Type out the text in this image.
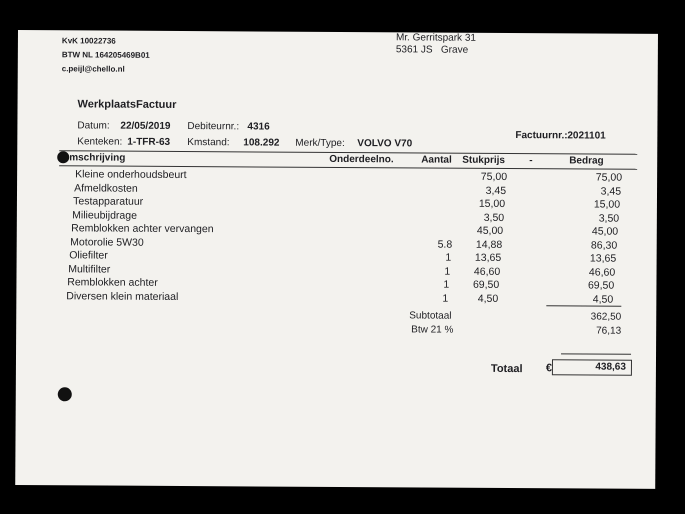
KvK 10022736
BTW NL 164205469B01
c.peijl@chello.nl
Mr. Gerritspark 31
5361 JS   Grave
WerkplaatsFactuur
Datum: 22/05/2019 Debiteurnr.: 4316
Kenteken: 1-TFR-63 Kmstand: 108.292 Merk/Type: VOLVO V70
Factuurnr.: 2021101
mschrijving	Onderdeelno.	Aantal Stukprijs -	Bedrag
Kleine onderhoudsbeurt	75,00	75,00
Afmeldkosten	3,45	3,45
Testapparatuur	15,00	15,00
Milieubijdrage	3,50	3,50
Remblokken achter vervangen	45,00	45,00
Motorolie 5W30	5.8	14,88	86,30
Oliefilter	1	13,65	13,65
Multifilter	1	46,60	46,60
Remblokken achter	1	69,50	69,50
Diversen klein materiaal	1	4,50	4,50
Subtotaal	362,50
Btw 21 %	76,13
Totaal €	438,63
